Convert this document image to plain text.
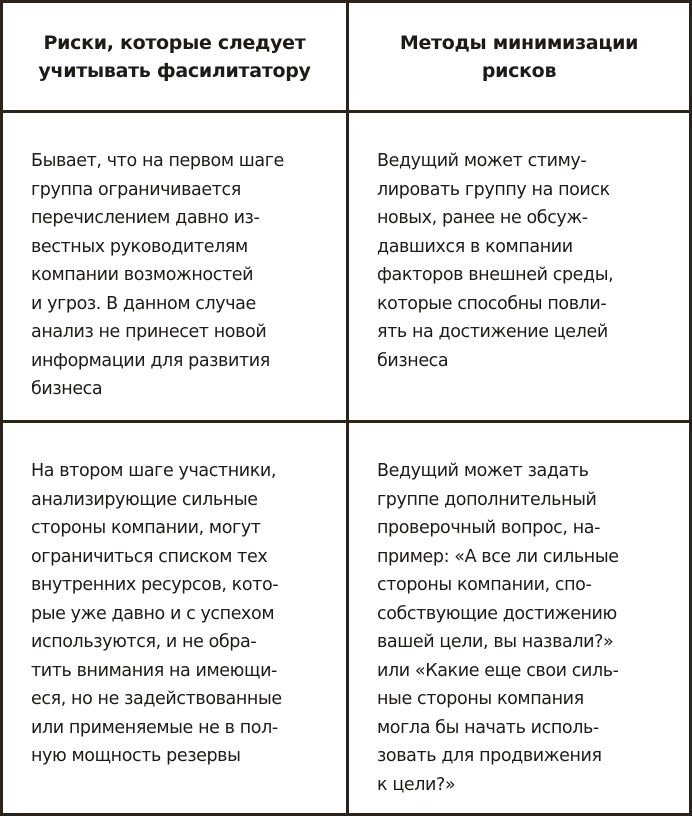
Риски, которые следует
учитывать фасилитатору
Методы минимизации
рисков
Бывает, что на первом шаге
группа ограничивается
перечислением давно из-
вестных руководителям
компании возможностей
и угроз. В данном случае
анализ не принесет новой
информации для развития
бизнеса
Ведущий может стиму-
лировать группу на поиск
новых, ранее не обсуж-
давшихся в компании
факторов внешней среды,
которые способны повли-
ять на достижение целей
бизнеса
На втором шаге участники,
анализирующие сильные
стороны компании, могут
ограничиться списком тех
внутренних ресурсов, кото-
рые уже давно и с успехом
используются, и не обра-
тить внимания на имеющи-
еся, но не задействованные
или применяемые не в пол-
ную мощность резервы
Ведущий может задать
группе дополнительный
проверочный вопрос, на-
пример: «А все ли сильные
стороны компании, спо-
собствующие достижению
вашей цели, вы назвали?»
или «Какие еще свои силь-
ные стороны компания
могла бы начать исполь-
зовать для продвижения
к цели?»
